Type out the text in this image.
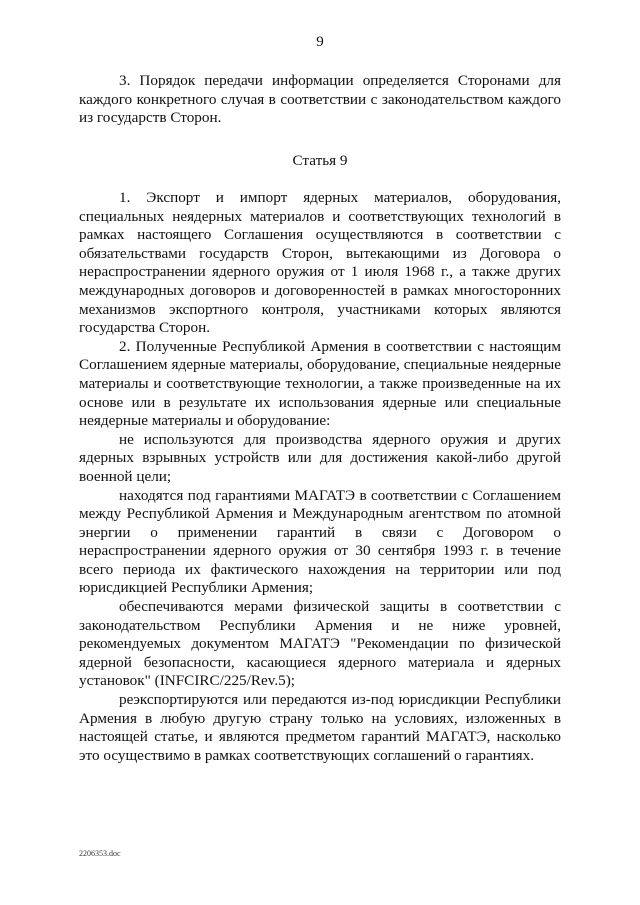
9

3. Порядок передачи информации определяется Сторонами для каждого конкретного случая в соответствии с законодательством каждого из государств Сторон.

Статья 9

1. Экспорт и импорт ядерных материалов, оборудования, специальных неядерных материалов и соответствующих технологий в рамках настоящего Соглашения осуществляются в соответствии с обязательствами государств Сторон, вытекающими из Договора о нераспространении ядерного оружия от 1 июля 1968 г., а также других международных договоров и договоренностей в рамках многосторонних механизмов экспортного контроля, участниками которых являются государства Сторон.

2. Полученные Республикой Армения в соответствии с настоящим Соглашением ядерные материалы, оборудование, специальные неядерные материалы и соответствующие технологии, а также произведенные на их основе или в результате их использования ядерные или специальные неядерные материалы и оборудование:

не используются для производства ядерного оружия и других ядерных взрывных устройств или для достижения какой-либо другой военной цели;

находятся под гарантиями МАГАТЭ в соответствии с Соглашением между Республикой Армения и Международным агентством по атомной энергии о применении гарантий в связи с Договором о нераспространении ядерного оружия от 30 сентября 1993 г. в течение всего периода их фактического нахождения на территории или под юрисдикцией Республики Армения;

обеспечиваются мерами физической защиты в соответствии с законодательством Республики Армения и не ниже уровней, рекомендуемых документом МАГАТЭ "Рекомендации по физической ядерной безопасности, касающиеся ядерного материала и ядерных установок" (INFCIRC/225/Rev.5);

реэкспортируются или передаются из-под юрисдикции Республики Армения в любую другую страну только на условиях, изложенных в настоящей статье, и являются предметом гарантий МАГАТЭ, насколько это осуществимо в рамках соответствующих соглашений о гарантиях.

2206353.doc
